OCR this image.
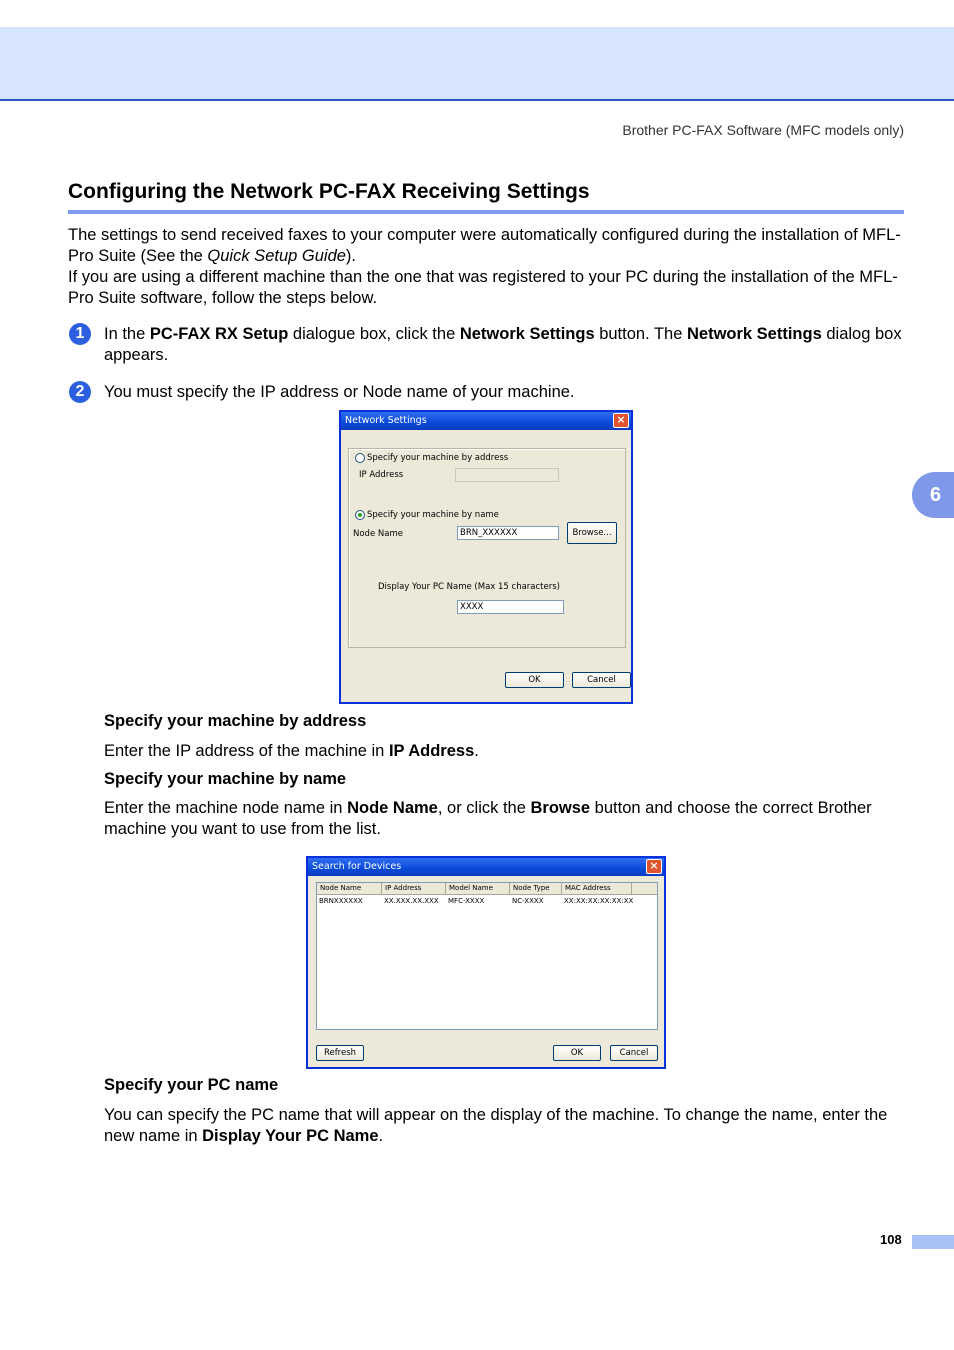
Brother PC-FAX Software (MFC models only)
Configuring the Network PC-FAX Receiving Settings

The settings to send received faxes to your computer were automatically configured during the installation of MFL-Pro Suite (See the Quick Setup Guide).

If you are using a different machine than the one that was registered to your PC during the installation of the MFL-Pro Suite software, follow the steps below.

1	In the PC-FAX RX Setup dialogue box, click the Network Settings button. The Network Settings dialog box appears.
2	You must specify the IP address or Node name of your machine.
6
Network Settings	×
Specify your machine by address
IP Address
Specify your machine by name
Node Name	BRN_XXXXXX	Browse...
Display Your PC Name (Max 15 characters)
XXXX
OK	Cancel
Specify your machine by address
Enter the IP address of the machine in IP Address.
Specify your machine by name
Enter the machine node name in Node Name, or click the Browse button and choose the correct Brother machine you want to use from the list.
Search for Devices	×
Node Name	IP Address	Model Name	Node Type	MAC Address
BRNXXXXXX	XX.XXX.XX.XXX MFC-XXXX	NC-XXXX	XX:XX:XX:XX:XX:XX
Refresh	OK	Cancel
Specify your PC name
You can specify the PC name that will appear on the display of the machine. To change the name, enter the new name in Display Your PC Name.
108
